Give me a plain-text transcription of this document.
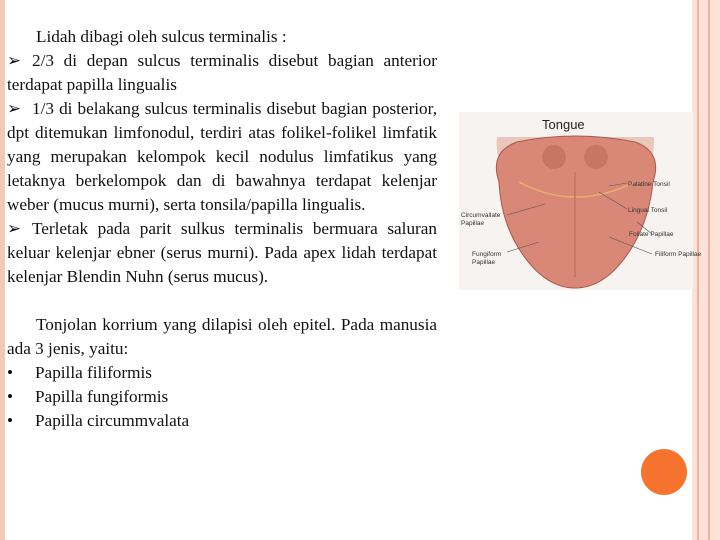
Lidah dibagi oleh sulcus terminalis :

➢ 2/3 di depan sulcus terminalis disebut bagian anterior terdapat papilla lingualis

➢ 1/3 di belakang sulcus terminalis disebut bagian posterior, dpt ditemukan limfonodul, terdiri atas folikel-folikel limfatik yang merupakan kelompok kecil nodulus limfatikus yang letaknya berkelompok dan di bawahnya terdapat kelenjar weber (mucus murni), serta tonsila/papilla lingualis.

➢ Terletak pada parit sulkus terminalis bermuara saluran keluar kelenjar ebner (serus murni). Pada apex lidah terdapat kelenjar Blendin Nuhn (serus mucus).

Tonjolan korrium yang dilapisi oleh epitel. Pada manusia ada 3 jenis, yaitu:

•	Papilla filiformis
•	Papilla fungiformis
•	Papilla circummvalata
Tongue
Palatine Tonsil
Lingual Tonsil
Circumvallate
Papillae
Foliate Papillae
Filiform Papillae
Fungiform
Papillae
